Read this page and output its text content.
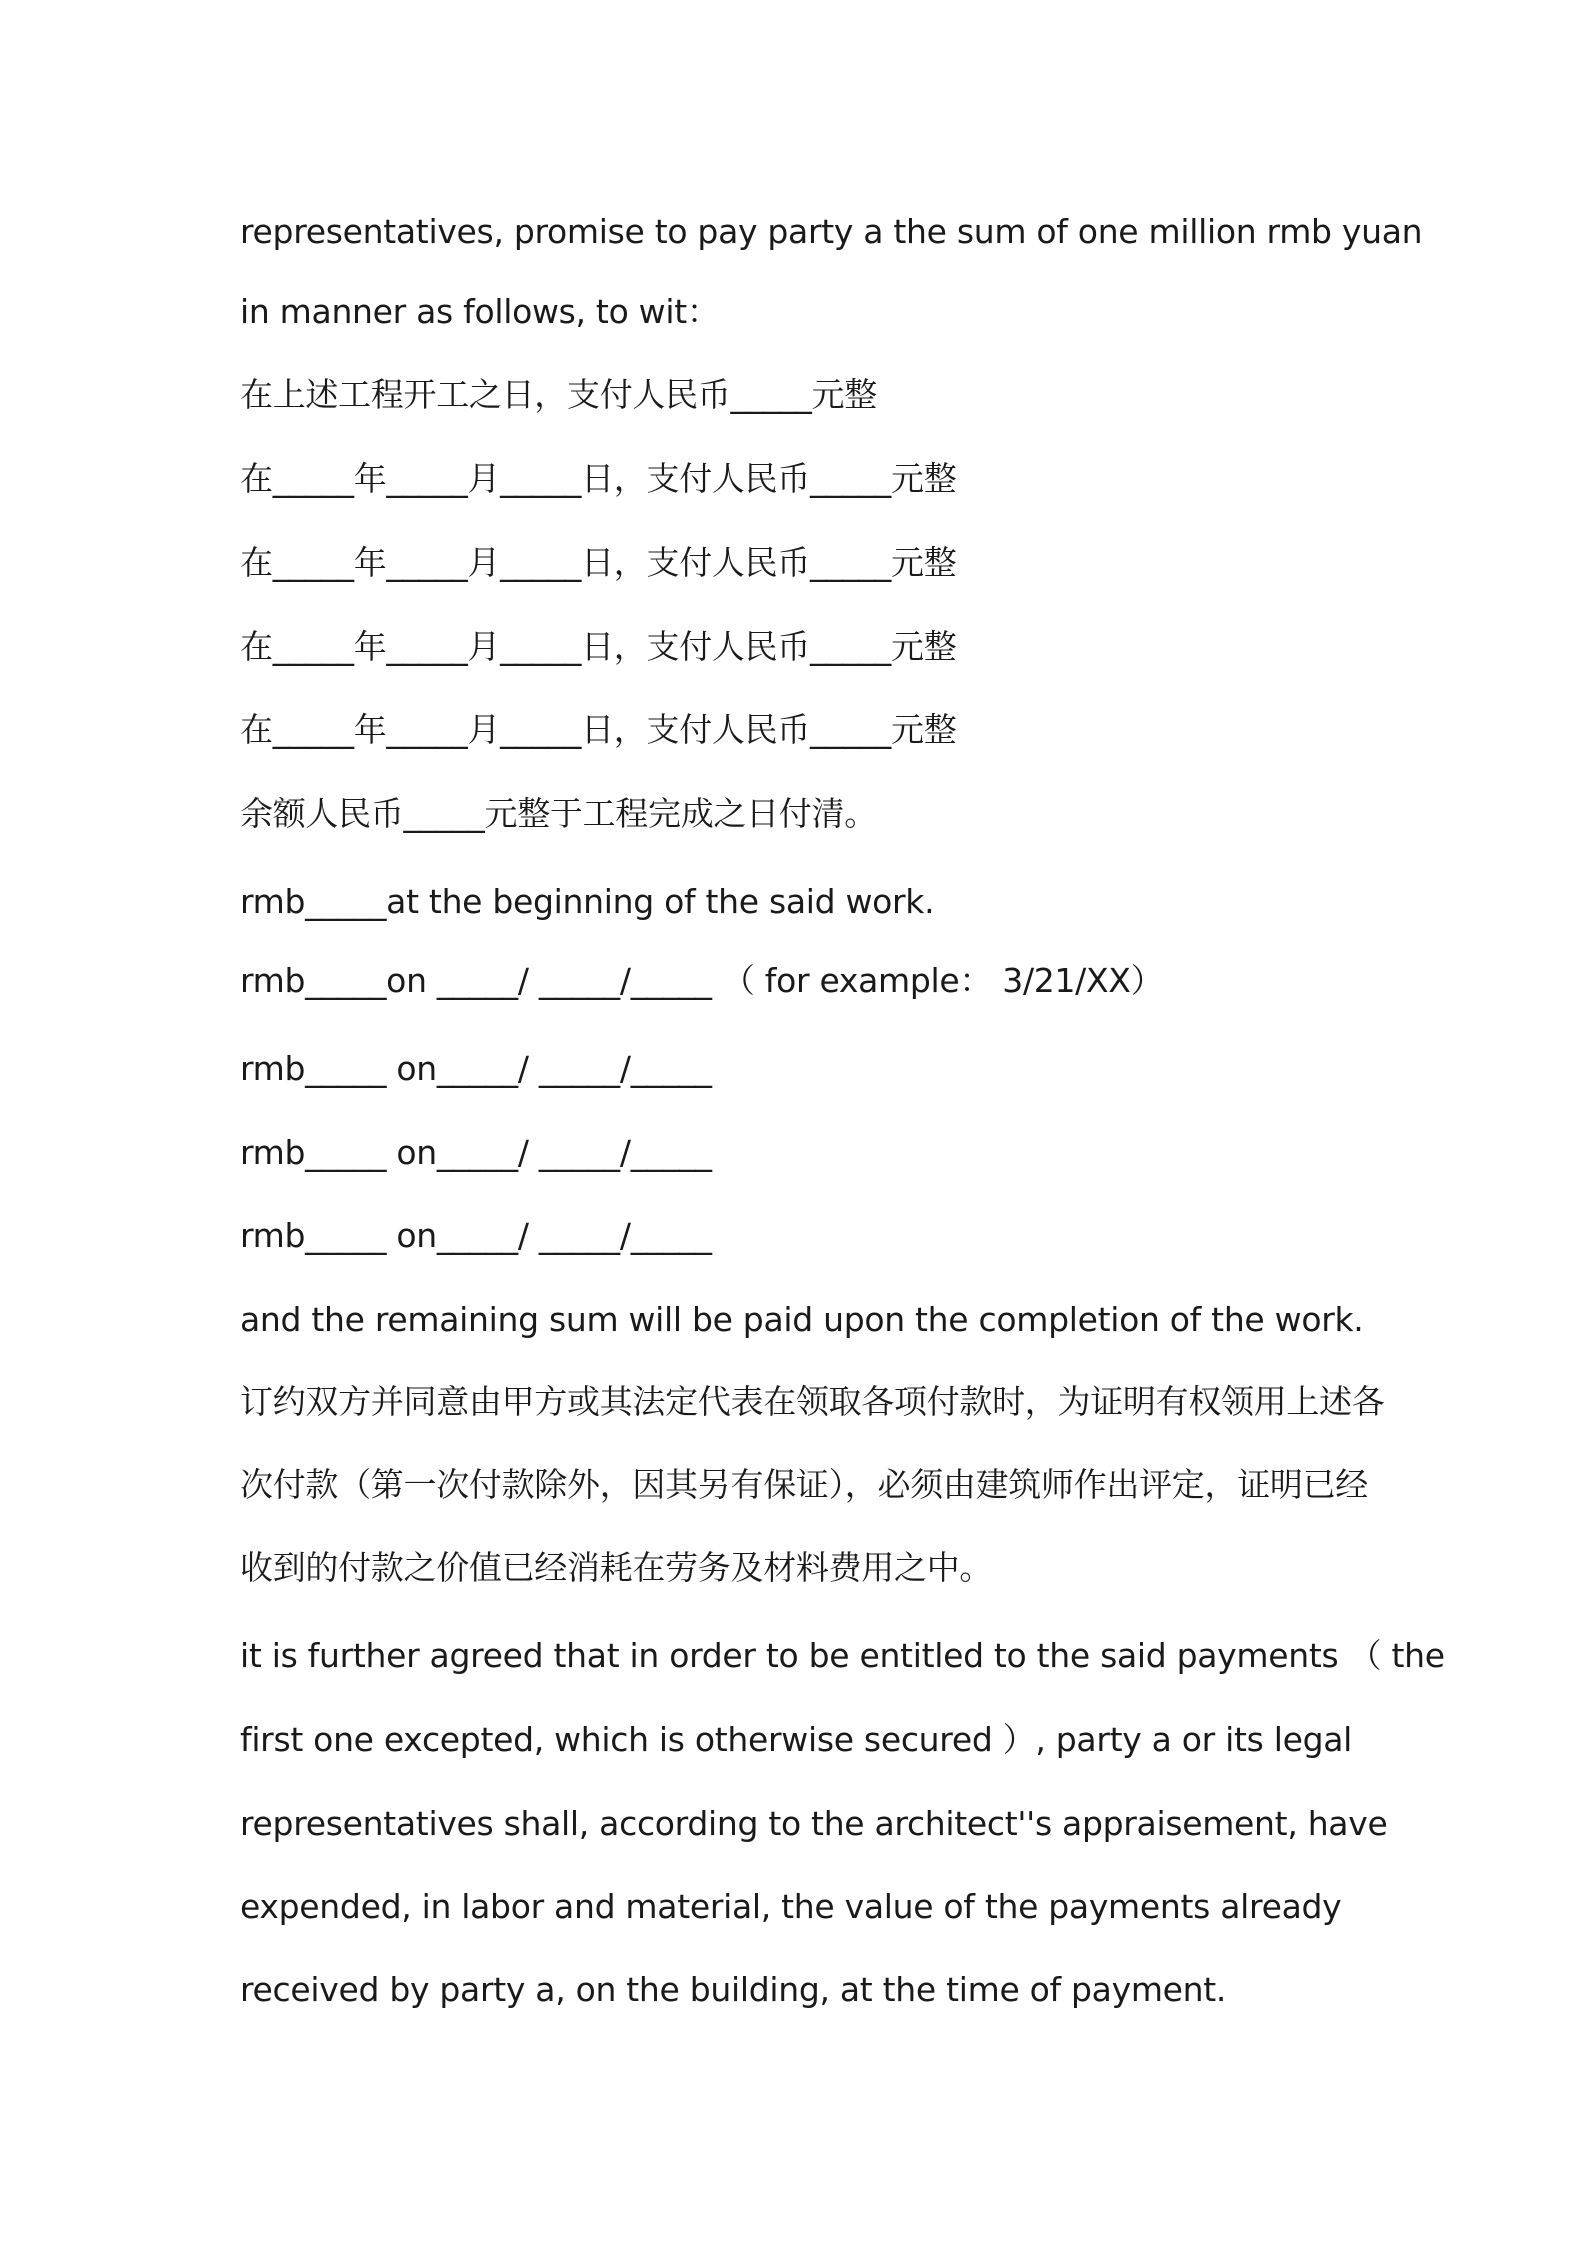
representatives, promise to pay party a the sum of one million rmb yuan
in manner as follows, to wit：
在上述工程开工之日，支付人民币_____元整
在_____年_____月_____日，支付人民币_____元整
在_____年_____月_____日，支付人民币_____元整
在_____年_____月_____日，支付人民币_____元整
在_____年_____月_____日，支付人民币_____元整
余额人民币_____元整于工程完成之日付清。
rmb_____at the beginning of the said work.
rmb_____on _____/ _____/_____ （ for example： 3/21/XX）
rmb_____ on_____/ _____/_____
rmb_____ on_____/ _____/_____
rmb_____ on_____/ _____/_____
and the remaining sum will be paid upon the completion of the work.
订约双方并同意由甲方或其法定代表在领取各项付款时，为证明有权领用上述各
次付款（第一次付款除外，因其另有保证），必须由建筑师作出评定，证明已经
收到的付款之价值已经消耗在劳务及材料费用之中。
it is further agreed that in order to be entitled to the said payments （ the
first one excepted, which is otherwise secured ）, party a or its legal
representatives shall, according to the architect''s appraisement, have
expended, in labor and material, the value of the payments already
received by party a, on the building, at the time of payment.
